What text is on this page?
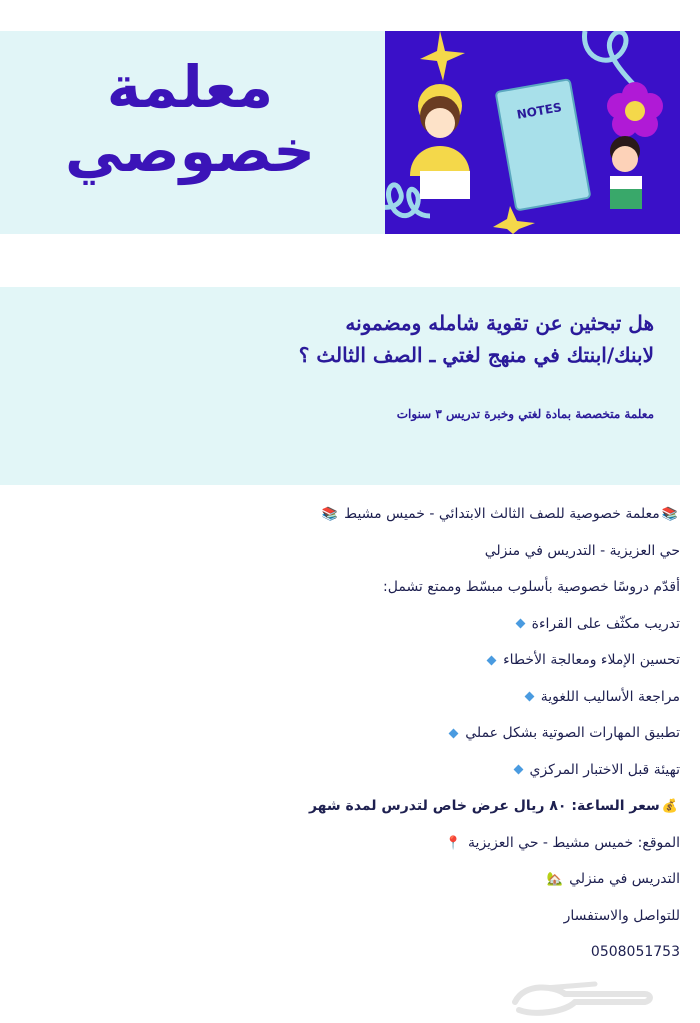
معلمة
خصوصي
NOTES
هل تبحثين عن تقوية شامله ومضمونه لابنك/ابنتك في منهج لغتي ـ الصف الثالث ؟
معلمة متخصصة بمادة لغتي وخبرة تدريس ٣ سنوات
📚معلمة خصوصية للصف الثالث الابتدائي - خميس مشيط 📚
حي العزيزية - التدريس في منزلي
أقدّم دروسًا خصوصية بأسلوب مبسّط وممتع تشمل:
تدريب مكثّف على القراءة
تحسين الإملاء ومعالجة الأخطاء
مراجعة الأساليب اللغوية
تطبيق المهارات الصوتية بشكل عملي
تهيئة قبل الاختبار المركزي
💰سعر الساعة: ٨٠ ريال عرض خاص لتدرس لمدة شهر
الموقع: خميس مشيط - حي العزيزية 📍
التدريس في منزلي 🏡
للتواصل والاستفسار
0508051753
